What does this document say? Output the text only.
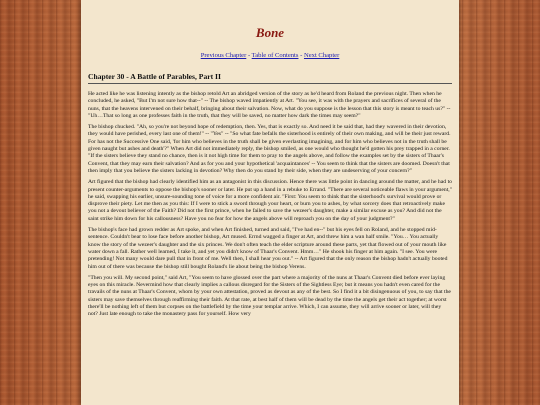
Bone
Previous Chapter - Table of Contents - Next Chapter
Chapter 30 - A Battle of Parables, Part II

He acted like he was listening intently as the bishop retold Art an abridged version of the story as he'd heard from Roland the previous night. Then when he concluded, he asked, "But I'm not sure how that--" -- The bishop waved impatiently at Art. "You see, it was with the prayers and sacrifices of several of the nuns, that the heavens intervened on their behalf, bringing about their salvation. Now, what do you suppose is the lesson that this story is meant to teach us?" -- "Uh…That so long as one professes faith in the truth, that they will be saved, no matter how dark the times may seem?"

The bishop chucked. "Ah, so you're not beyond hope of redemption, then. Yes, that is exactly so. And need it be said that, had they wavered in their devotion, they would have perished, every last one of them!" -- "Yes" -- "So what fate befalls the sisterhood is entirely of their own making, and will be their just reward. For has not the Successive One said, 'for him who believes in the truth shall be given everlasting imagining, and for him who believes not in the truth shall be given naught but ashes and death'?" When Art did not immediately reply, the bishop smiled, as one would who thought he'd gotten his prey trapped in a corner. "If the sisters believe they stand no chance, then is it not high time for them to pray to the angels above, and follow the examples set by the sisters of Thaar's Convent, that they may earn their salvation? And as for you and your hypothetical 'acquaintances' -- You seem to think that the sisters are doomed. Doesn't that then imply that you believe the sisters lacking in devotion? Why then do you stand by their side, when they are undeserving of your concern?"

Art figured that the bishop had clearly identified him as an antagonist in this discussion. Hence there was little point in dancing around the matter, and he had to present counter-arguments to oppose the bishop's sooner or later. He put up a hand in a rebuke to Errand. "There are several noticeable flaws in your argument," he said, swapping his earlier, unsure-sounding tone of voice for a more confident air. "First: You seem to think that the sisterhood's survival would prove or disprove their piety. Let me then as you this: If I were to stick a sword through your heart, or burn you to ashes, by what sorcery does that retroactively make you not a devout believer of the Faith? Did not the first prince, when he failed to save the wezeer's daughter, make a similar excuse as you? And did not the saint strike him down for his callousness? Have you no fear for how the angels above will reproach you on the day of your judgment?"

The bishop's face had grown redder as Art spoke, and when Art finished, turned and said, "I've had en--" but his eyes fell on Roland, and he stopped mid-sentence. Couldn't bear to lose face before another bishop, Art mused. Errnd wagged a finger at Art, and threw him a wan half smile. "You… You actually know the story of the wezeer's daughter and the six princes. We don't often teach the elder scripture around these parts, yet that flowed out of your mouth like water down a fall. Rather well learned, I take it, and yet you didn't know of Thaar's Convent. Hmm…" He shook his finger at him again. "I see. You were pretending! Not many would dare pull that in front of me. Well then, I shall hear you out." -- Art figured that the only reason the bishop hadn't actually booted him out of there was because the bishop still bought Roland's lie about being the bishop Verens.

"Then you will. My second point," said Art, "You seem to have glossed over the part where a majority of the nuns at Thaar's Convent died before ever laying eyes on this miracle. Nevermind how that clearly implies a callous disregard for the Sisters of the Sightless Eye; but it means you hadn't even cared for the travails of the nuns at Thaar's Convent, whom by your own attestation, proved as devout as any of the best. So I find it a bit disingenuous of you, to say that the sisters may save themselves through reaffirming their faith. At that rate, at best half of them will be dead by the time the angels get their act together; at worst there'll be nothing left of them but corpses on the battlefield by the time your templar arrive. Which, I can assume, they will arrive sooner or later, will they not? Just late enough to take the monastery pass for yourself. How very
